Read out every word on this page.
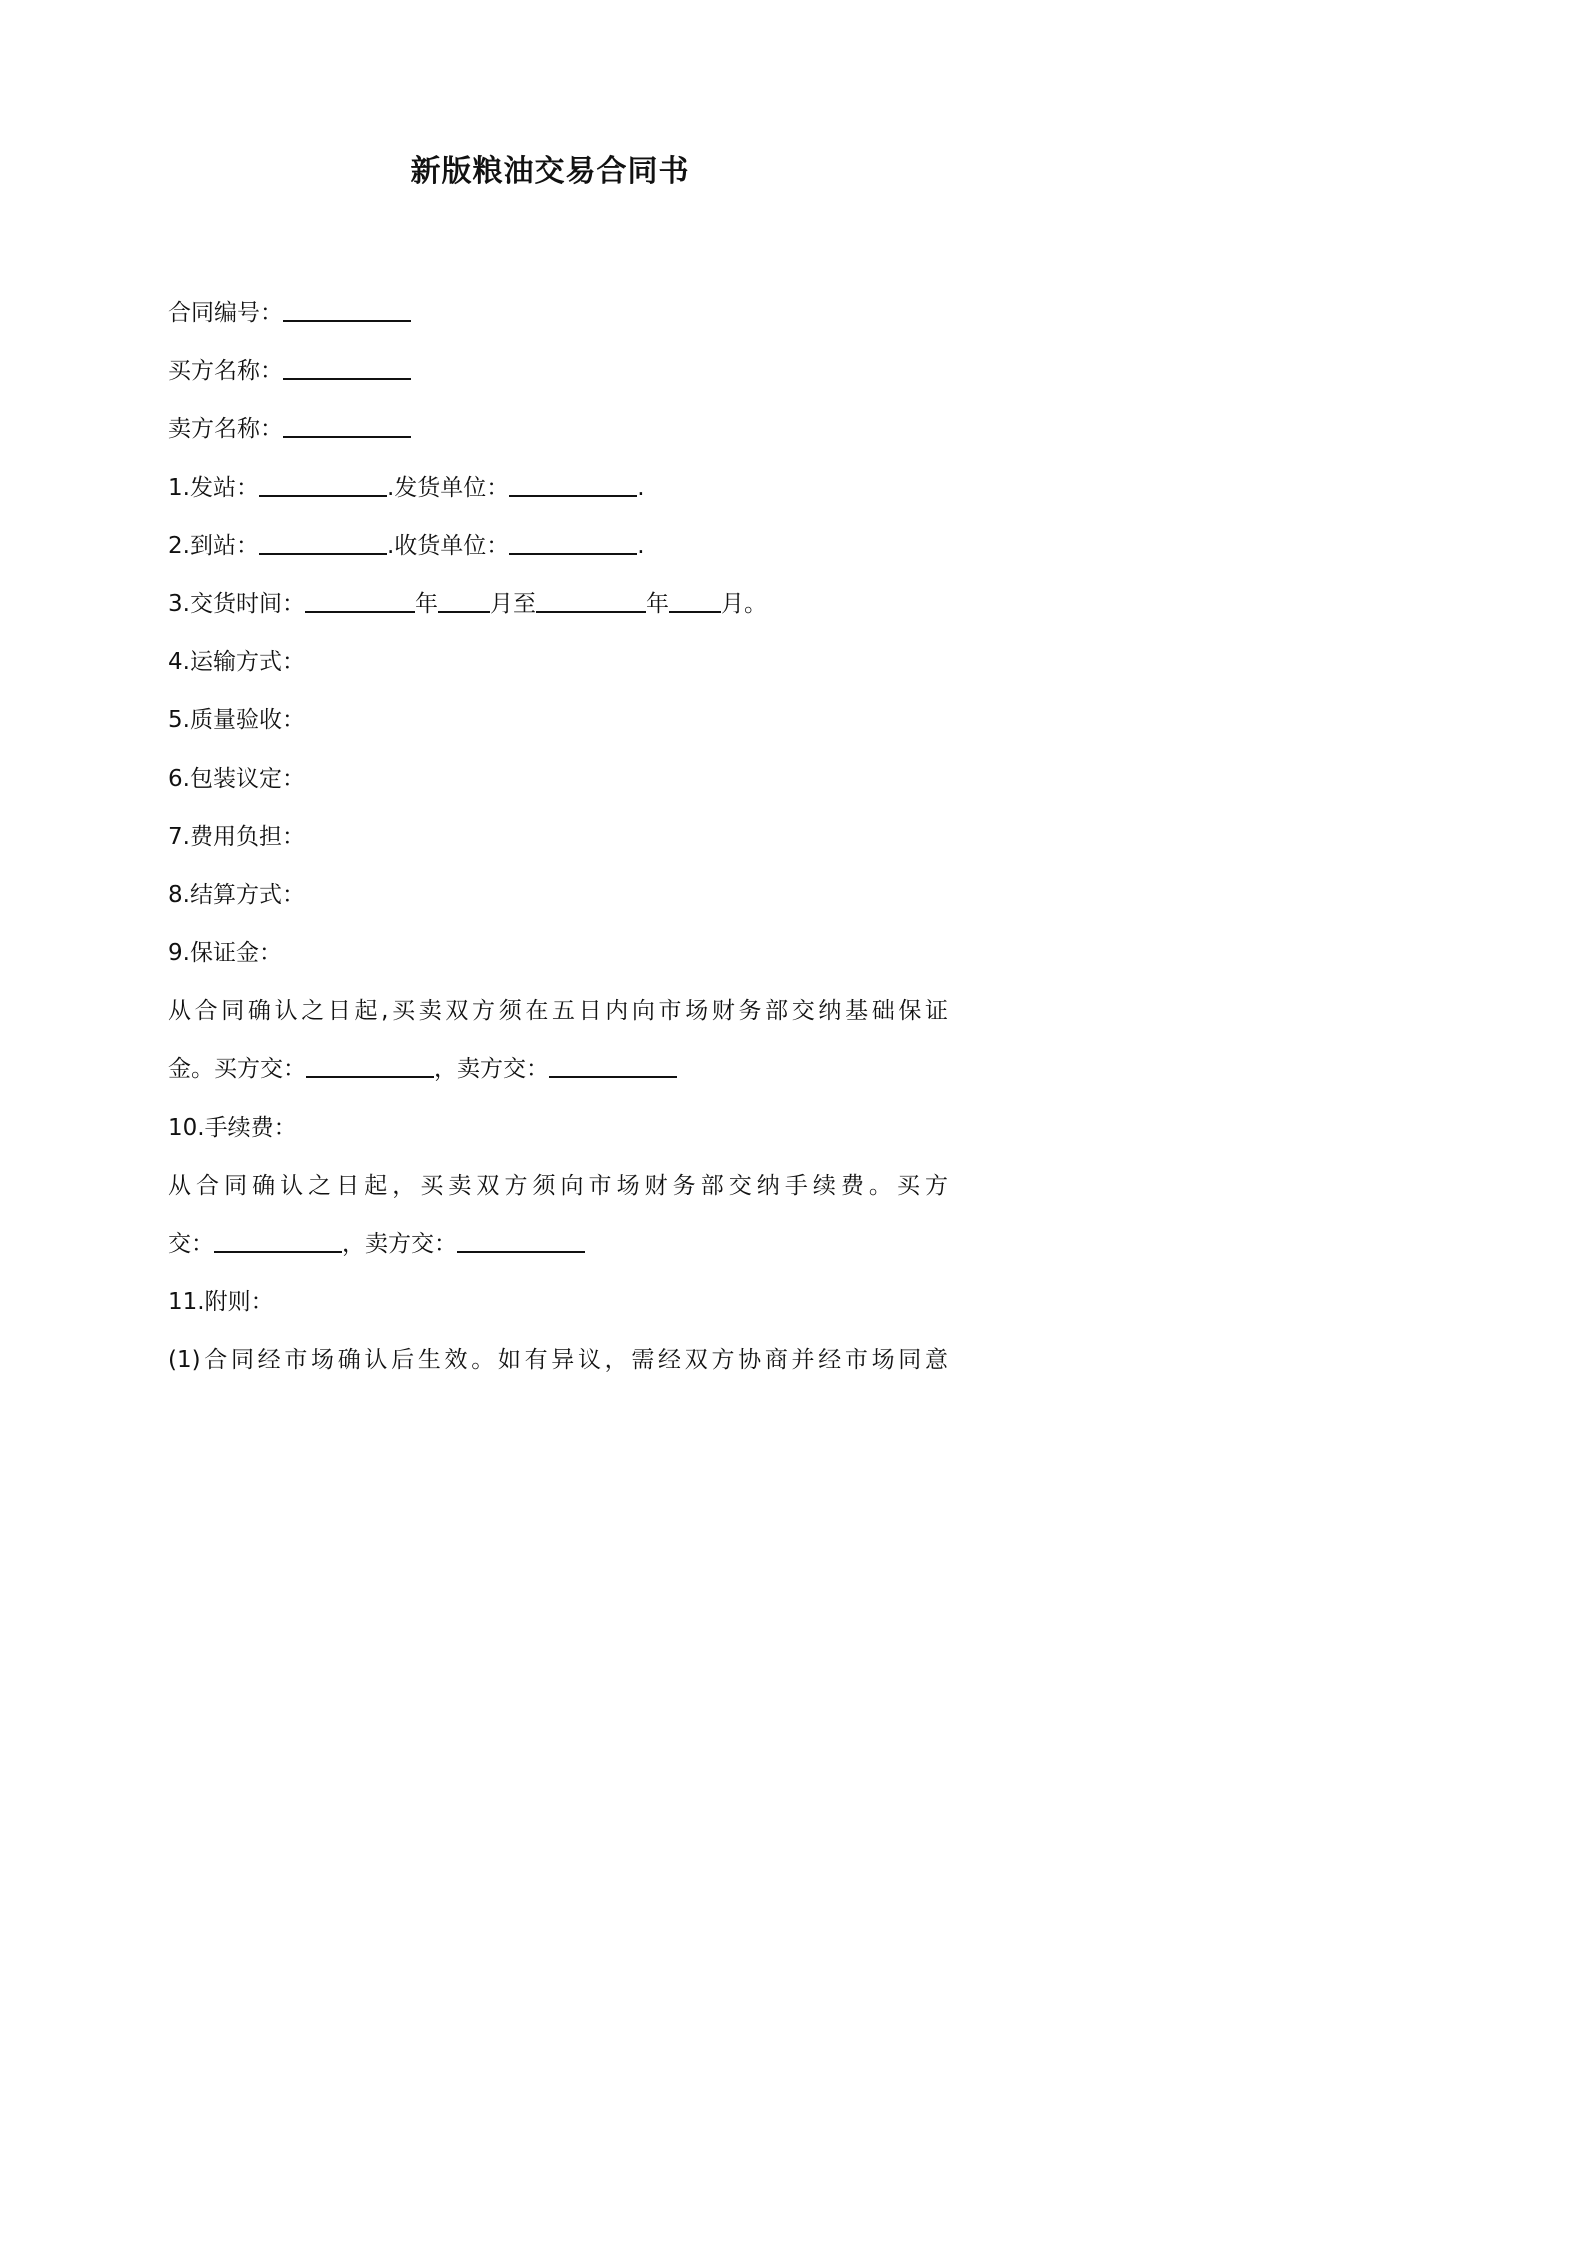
新版粮油交易合同书
合同编号：
买方名称：
卖方名称：
1.发站：	.发货单位：	.
2.到站：	.收货单位：	.
3.交货时间：	年 月至	年 月。
4.运输方式：
5.质量验收：
6.包装议定：
7.费用负担：
8.结算方式：
9.保证金：
从合同确认之日起,买卖双方须在五日内向市场财务部交纳基础保证
金。买方交：	，卖方交：
10.手续费：
从合同确认之日起，买卖双方须向市场财务部交纳手续费。买方
交：	，卖方交：
11.附则：
(1)合同经市场确认后生效。如有异议，需经双方协商并经市场同意
